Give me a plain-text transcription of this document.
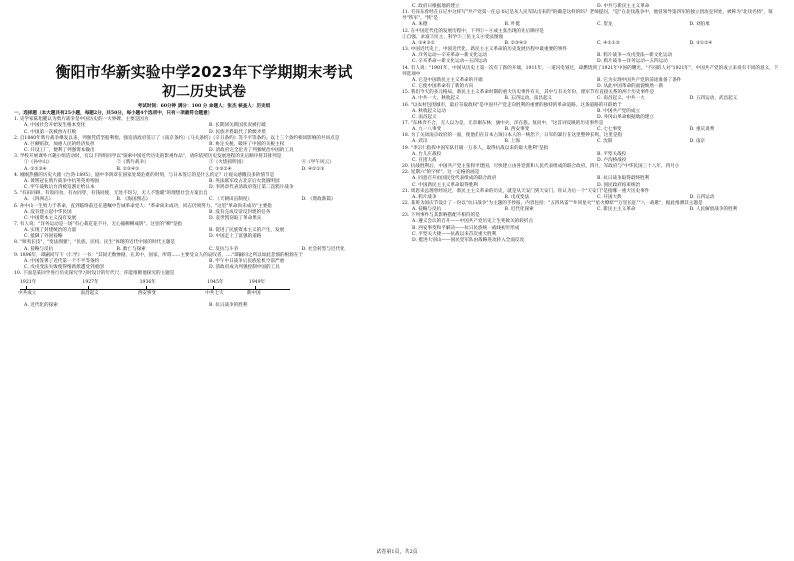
衡阳市华新实验中学2023年下学期期末考试
初二历史试卷
考试时间：60分钟 满分：100 分 命题人：张杰 核查人：历史组
一、选择题（本大题共有25小题，每题2分，共50分，每小题4个选项中，只有一项最符合题意）
1. 史学家陈旭麓认为鸦片战争是中国历史的一大界碑。主要是因为
A. 中国社会开始发生根本变化	B. 长期闭关锁国状况被打破
C. 中国第一次被西方打败	D. 民族矛盾取代了阶级矛盾
2. 自1840年鸦片战争爆发以来，列强凭借坚船利炮，强迫清政府签订了《南京条约》《马关条约》《辛丑条约》等不平等条约。以上三个条约相同影响的共同点是
A. 巨额赔款，加重人民的经济负担	B. 协定关税，破坏了中国的关税主权
C. 开设工厂，便利了列强资本输出	D. 清政府完全沦为了列强统治中国的工具
3. 学校开展课外兴趣小组活动时，有以下四组同学以"探索中国近代历史的影视作品"，请你依照历史发展进程的先后顺序将其排列是
①《孙中山》	②《鸦片战争》	③《火烧圆明园》	④《甲午风云》
A. ①②③④	B. ②③④①	C. ①③②④	D. ④②①③
4. 刚刚热播的历史大剧《台湾·1895》，剧中李鸿章在国家处境危难的时刻，与日本签订的是什么约定？让观众感慨良多的情节是
A. 黄明冠在鸦片战争中抗英英勇殉国	B. 英法联军攻占北京后火烧圆明园
C. 甲午战败后台湾被迫割让给日本	D. 李鸿章代表清政府签订第二次鸦片战争
5. "有田同耕，有饭同食，有衣同穿，有钱同使，无处不均匀，无人不饱暖"的理想社会方案出自
A. 《四洲志》	B. 《海国图志》	C. 《天朝田亩制度》	D. 《资政新篇》
6. 孙中山一生致力于革命，直到临终前还在遗嘱中告诫革命党人："革命尚未成功，同志仍须努力。"这里"革命尚未成功"主要指
A. 没有建立起中华民国	B. 没有完成反帝反封建的任务
C. 中国资本主义没有发展	D. 袁世凯窃取了革命果实
7. 有人说："洋务运动是一场"有心栽花花不开，无心插柳柳成阴"。这里的"柳"是指
A. 实现了封建统治的力量	B. 促进了民族资本主义的产生、发展
C. 抵御了外国侵略	D. 中国走上了富强的道路
8. "师夷长技"，"变法图强"，"民族、民权、民生"体现的近代中国的时代主题是
A. 侵略与反抗	B. 救亡与探索	C. 反抗与斗争	D. 社会转型与近代化
9. 1896年，谭嗣同写下《仁学》一书："其间无数惨剧，在其中，国家，所谓......主要受众人的哀叹者，...."谭嗣同之所以如此悲愤的根源在于
A. 中国签署了近代第一个不平等条约	B. 甲午中日战争后民族危机空前严重
C. 戊戌变法失败使得维新派遭受到重创	D. 清政府成为列强控制中国的工具
10. 下面是某同学进行历史探究学习时设计的年代尺，你能推断他探究的主题是
1921年
中共成立
1927年
南昌起义
1936年
西安事变
1945年
中共七大
1949年
新中国
A. 近代化的探索	B. 抗日战争的胜利
C. 政府日根据地的建立	D. 中共与新民主主义革命
11. 毛泽东曾经在日记中这样写"共产党第一任总书记是从人民军队出来的"的确是这样的吗？老师提问，"是"在北伐战争中，他曾领导第四军的独立团攻克何处，被称为"北伐名将"，领导"铁军"。"铁"是
A. 朱德	B. 叶挺	C. 贺龙	D. 刘伯承
12. 在中国近代化的发展历程中，下列①～④成主张出现的先后顺序是
①自强、求富②民主、科学③三民主义④变法图强
A. ①④③②	B. ②③④①	C. ④②①③	D. ③①②④
13. 中国近代史上，中国近代化、新民主主义革命的历史发展历程中最重要的事件
A. 洋务运动—辛亥革命—新文化运动	B. 鸦片战争—戊戌变法—新文化运动
C. 辛亥革命—新文化运动—五四运动	D. 鸦片战争—洋务运动—五四运动
14. 有人说："1901年，中国从历史上第一次有了新的开端，1911年，一道闪电划过，却燃烧到了1921年中国的曙光。"不同的人对"1921年"，中国共产党的成立来说有不同的意义，下列选项中
A. 它是中国新民主主义革命的开端	B. 它为实现中国共产党的前途准备了条件
C. 它使中国革命有了新的方向	D. 从此中国革命的面貌焕然一新
15. 我们今天的多元格局，新民主主义革命时期的重大历史事件有关，其中与有关年份，建军节有直接关系的两个历史事件是
A. 中共一大、秋收起义	B. 五四运动、南昌起义	C. 南昌起义、中共一大	D. 五四运动、武昌起义
16. "以农村包围城市，最后夺取政权"是中国共产党走向胜利的重要的独特的革命道路。这条道路的开辟始于
A. 秋收起义运动	B. 中国共产党的成立
C. 南昌起义	D. 井冈山革命根据地的建立
17. "东林奔不合，无人以为是，无奈谢东林，旗中兵，洋在旅。复问中，"这首词反映的历史事件是
A. 九一八事变	B. 西安事变	C. 七七事变	D. 重庆谈判
18. 为了关闭南京政府的一面，使他们在日本占领日本人的一统治下，日军的暴行在这里整钟长鸣。这里是指
A. 武汉	B. 上海	C. 沈阳	D. 南京
19. "李宗仁指挥中国军队打破一万多人，取得抗战以来的最大胜利"是指
A. 台儿庄战役	B. 平型关战役
C. 百团大战	D. 卢沟桥战役
20. 抗战胜利后，中国共产党主张和平建国，尽快建立由各党派和人民代表组成的联合政府。四月，军政府与"中华民国三十八年，四月小
22. 星期六"的字样"，这一定格的画是
A. 同意召开由国民党代表组成的联合政府	B. 抗日战争取得最终胜利
C. 中国新民主主义革命取得胜利	D. 国民政府结束统治
21. 周恩来总理曾经说过，新民主主义革命的历史，就是从天安门到天安门。你认为后一个"天安门"是指哪一重大历史事件
A. 鸦片战争	B. 戊戌变法	C. 开国大典	D. 五四运动
22. 某班为国庆节设计了一份以"抗日战争"为主题的手抄报，内容包括："五四风雷""井冈星火""星火燎原""万里长征""八一战歌"，据此推测其主题是
A. 侵略与反抗	B. 近代化探索	C. 新民主主义革命	D. 人民解放战争的胜利
23. 下列事件与其影响搭配不相符的是
A. 遵义会议的召开——中国共产党历史上生死攸关的转折点
B. 西安事变和平解决——抗日民族统一战线初步形成
C. 平型关大捷——抗战以来首次重大胜利
D. 挺进大别山——国民党军队由战略进攻转入全面反攻
试卷第1页，共2页
